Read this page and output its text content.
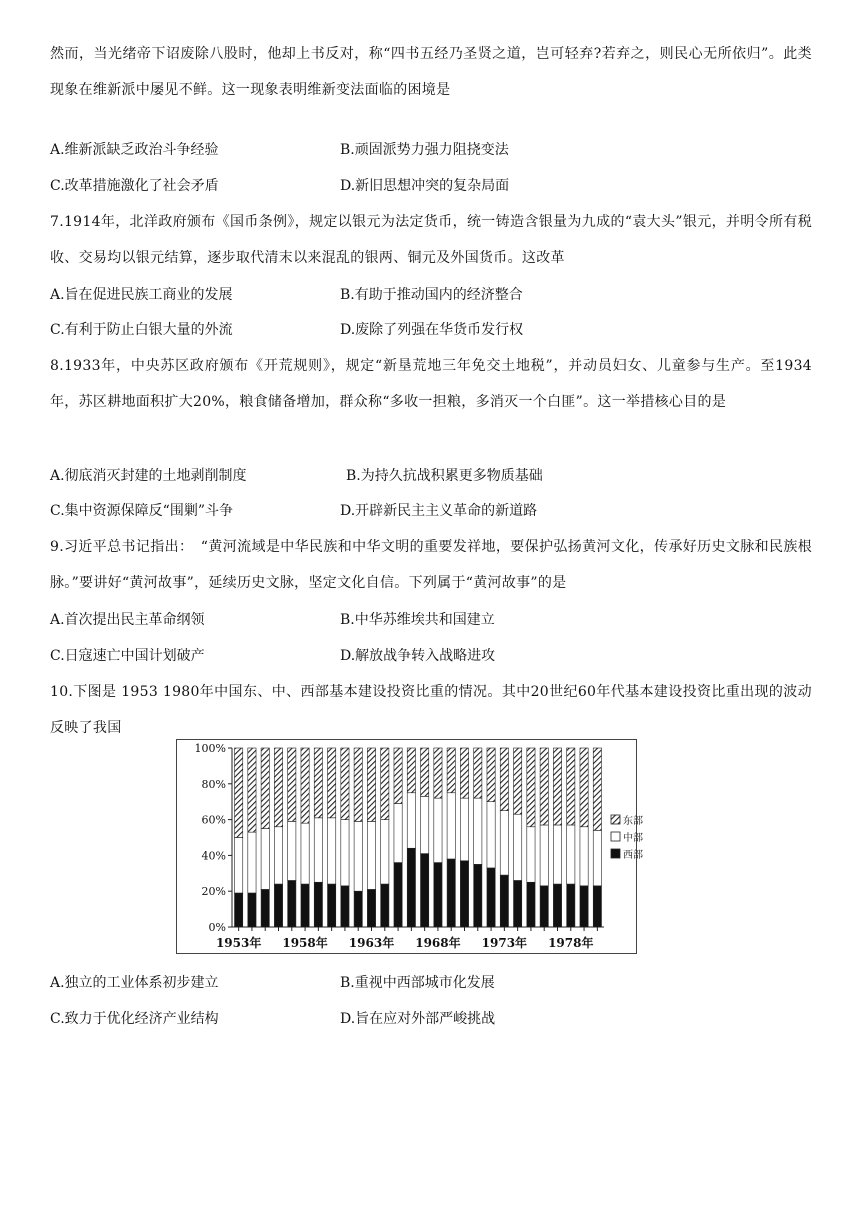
然而，当光绪帝下诏废除八股时，他却上书反对，称“四书五经乃圣贤之道，岂可轻弃?若弃之，则民心无所依归”。此类现象在维新派中屡见不鲜。这一现象表明维新变法面临的困境是
A.维新派缺乏政治斗争经验	B.顽固派势力强力阻挠变法
C.改革措施激化了社会矛盾	D.新旧思想冲突的复杂局面
7.1914年，北洋政府颁布《国币条例》，规定以银元为法定货币，统一铸造含银量为九成的“袁大头”银元，并明令所有税收、交易均以银元结算，逐步取代清末以来混乱的银两、铜元及外国货币。这改革
A.旨在促进民族工商业的发展	B.有助于推动国内的经济整合
C.有利于防止白银大量的外流	D.废除了列强在华货币发行权
8.1933年，中央苏区政府颁布《开荒规则》，规定“新垦荒地三年免交土地税”，并动员妇女、儿童参与生产。至1934年，苏区耕地面积扩大20%，粮食储备增加，群众称“多收一担粮，多消灭一个白匪”。这一举措核心目的是
A.彻底消灭封建的土地剥削制度	B.为持久抗战积累更多物质基础
C.集中资源保障反“围剿”斗争	D.开辟新民主主义革命的新道路
9.习近平总书记指出：　“黄河流域是中华民族和中华文明的重要发祥地，要保护弘扬黄河文化，传承好历史文脉和民族根脉。”要讲好“黄河故事”，延续历史文脉，坚定文化自信。下列属于“黄河故事”的是
A.首次提出民主革命纲领	B.中华苏维埃共和国建立
C.日寇速亡中国计划破产	D.解放战争转入战略进攻
10.下图是 1953 1980年中国东、中、西部基本建设投资比重的情况。其中20世纪60年代基本建设投资比重出现的波动反映了我国
A.独立的工业体系初步建立	B.重视中西部城市化发展
C.致力于优化经济产业结构	D.旨在应对外部严峻挑战
0%
20%
40%
60%
80%
100%
1953年 1958年 1963年 1968年 1973年 1978年
东部
中部
西部
